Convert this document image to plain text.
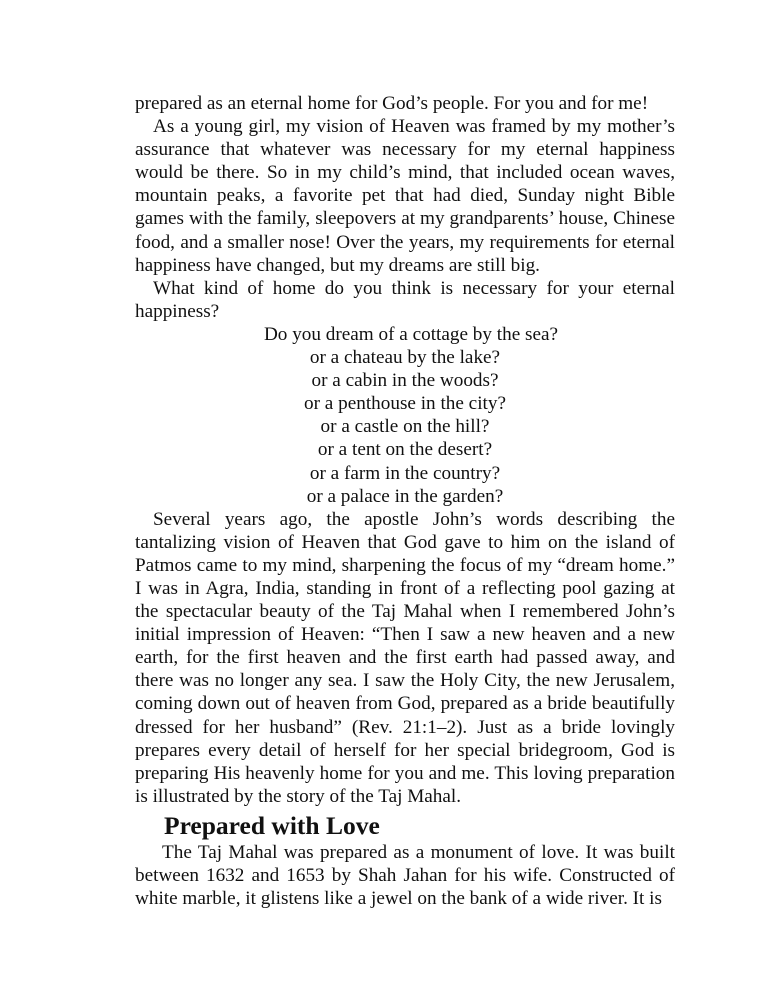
prepared as an eternal home for God’s people. For you and for me!

As a young girl, my vision of Heaven was framed by my mother’s assurance that whatever was necessary for my eternal happiness would be there. So in my child’s mind, that included ocean waves, mountain peaks, a favorite pet that had died, Sunday night Bible games with the family, sleepovers at my grandparents’ house, Chinese food, and a smaller nose! Over the years, my requirements for eternal happiness have changed, but my dreams are still big.

What kind of home do you think is necessary for your eternal happiness?

Do you dream of a cottage by the sea?
or a chateau by the lake?
or a cabin in the woods?
or a penthouse in the city?
or a castle on the hill?
or a tent on the desert?
or a farm in the country?
or a palace in the garden?

Several years ago, the apostle John’s words describing the tantalizing vision of Heaven that God gave to him on the island of Patmos came to my mind, sharpening the focus of my “dream home.” I was in Agra, India, standing in front of a reflecting pool gazing at the spectacular beauty of the Taj Mahal when I remembered John’s initial impression of Heaven: “Then I saw a new heaven and a new earth, for the first heaven and the first earth had passed away, and there was no longer any sea. I saw the Holy City, the new Jerusalem, coming down out of heaven from God, prepared as a bride beautifully dressed for her husband” (Rev. 21:1–2). Just as a bride lovingly prepares every detail of herself for her special bridegroom, God is preparing His heavenly home for you and me. This loving preparation is illustrated by the story of the Taj Mahal.

Prepared with Love

The Taj Mahal was prepared as a monument of love. It was built between 1632 and 1653 by Shah Jahan for his wife. Constructed of white marble, it glistens like a jewel on the bank of a wide river. It is
